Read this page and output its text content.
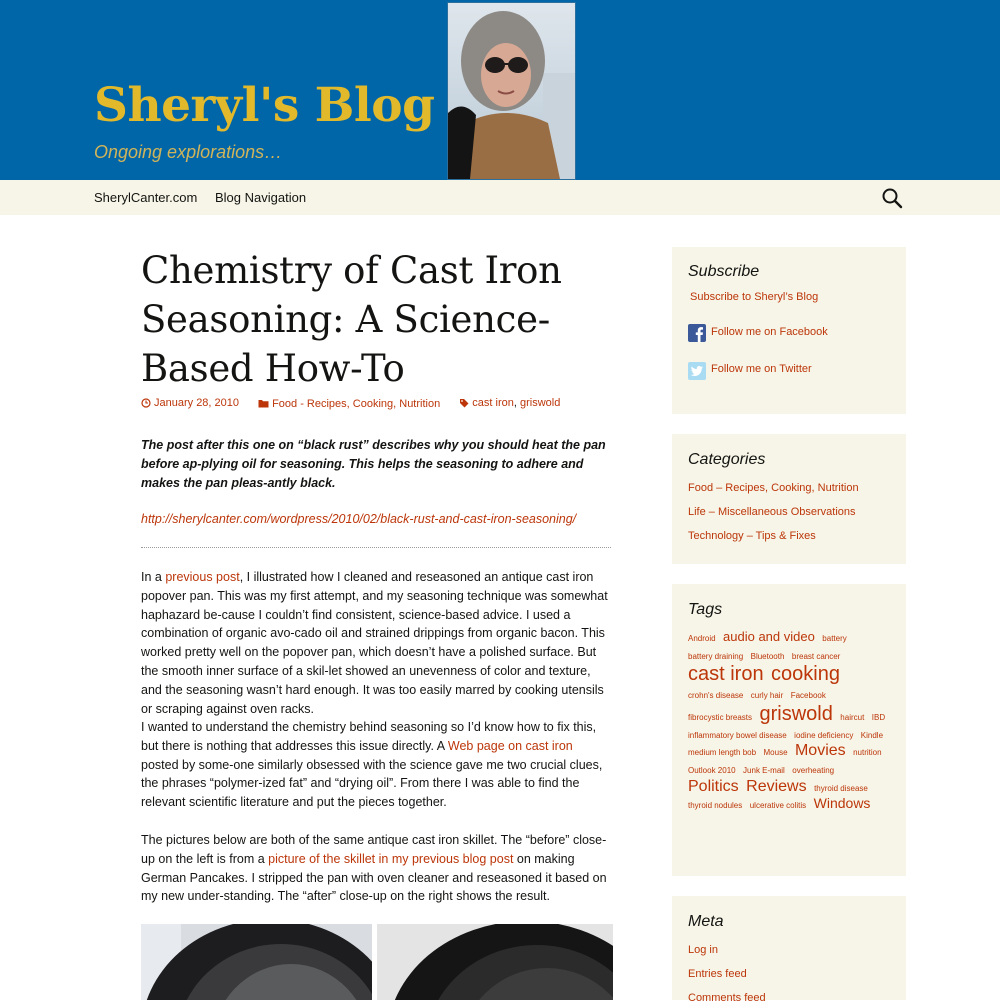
Sheryl's Blog

Ongoing explorations…

SherylCanter.com Blog Navigation
Chemistry of Cast Iron
Seasoning: A Science-
Based How-To
January 28, 2010
	Food - Recipes, Cooking, Nutrition
	cast iron , griswold

The post after this one on “black rust” describes why you should heat the pan before ap-plying oil for seasoning. This helps the seasoning to adhere and makes the pan pleas-antly black.

http://sherylcanter.com/wordpress/2010/02/black-rust-and-cast-iron-seasoning/

In a previous post, I illustrated how I cleaned and reseasoned an antique cast iron popover pan. This was my first attempt, and my seasoning technique was somewhat haphazard be-cause I couldn’t find consistent, science-based advice. I used a combination of organic avo-cado oil and strained drippings from organic bacon. This worked pretty well on the popover pan, which doesn’t have a polished surface. But the smooth inner surface of a skil-let showed an unevenness of color and texture, and the seasoning wasn’t hard enough. It was too easily marred by cooking utensils or scraping against oven racks.

I wanted to understand the chemistry behind seasoning so I’d know how to fix this, but there is nothing that addresses this issue directly. A Web page on cast iron posted by some-one similarly obsessed with the science gave me two crucial clues, the phrases “polymer-ized fat” and “drying oil”. From there I was able to find the relevant scientific literature and put the pieces together.

The pictures below are both of the same antique cast iron skillet. The “before” close-up on the left is from a picture of the skillet in my previous blog post on making German Pancakes. I stripped the pan with oven cleaner and reseasoned it based on my new under-standing. The “after” close-up on the right shows the result.

Subscribe
Subscribe to Sheryl’s Blog
Follow me on Facebook
Follow me on Twitter
Categories
Food – Recipes, Cooking, Nutrition
Life – Miscellaneous Observations
Technology – Tips & Fixes
Tags
Android audio and video battery battery draining Bluetooth breast cancer cast iron cooking crohn's disease curly hair Facebook fibrocystic breasts griswold haircut IBD inflammatory bowel disease iodine deficiency Kindle medium length bob Mouse Movies nutrition Outlook 2010 Junk E-mail overheating Politics Reviews thyroid disease thyroid nodules ulcerative colitis Windows
Meta
Log in
Entries feed
Comments feed
